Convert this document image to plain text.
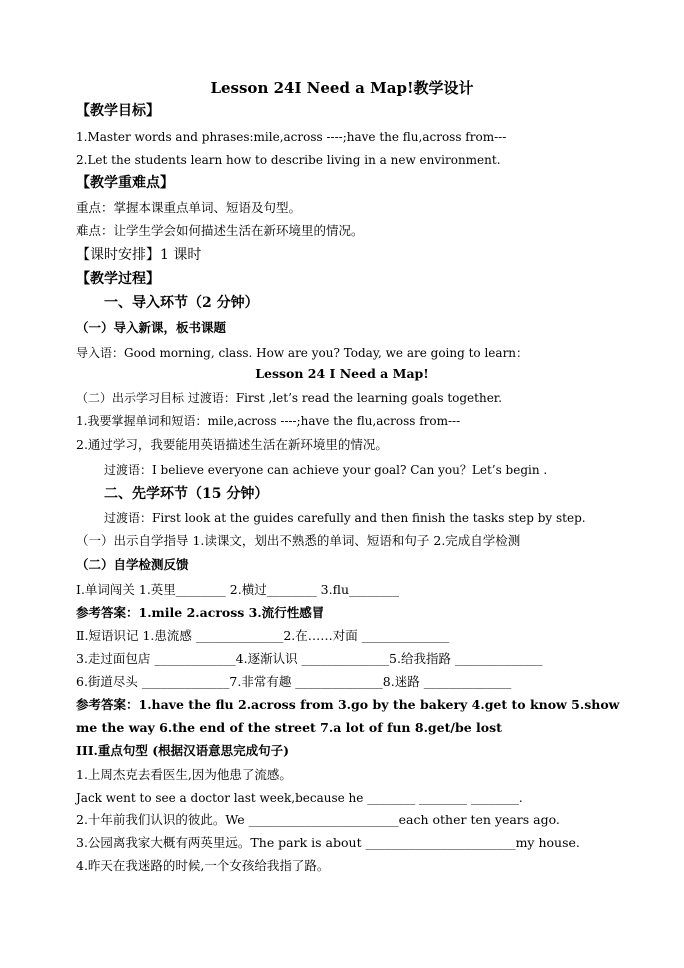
Lesson 24I Need a Map!教学设计
【教学目标】
1.Master words and phrases:mile,across ----;have the flu,across from---
2.Let the students learn how to describe living in a new environment.
【教学重难点】
重点：掌握本课重点单词、短语及句型。
难点：让学生学会如何描述生活在新环境里的情况。
【课时安排】1 课时
【教学过程】
一、导入环节（2 分钟）
（一）导入新课，板书课题
导入语：Good morning, class. How are you? Today, we are going to learn：
Lesson 24 I Need a Map!
（二）出示学习目标 过渡语：First ,let’s read the learning goals together.
1.我要掌握单词和短语：mile,across ----;have the flu,across from---
2.通过学习，我要能用英语描述生活在新环境里的情况。
过渡语：I believe everyone can achieve your goal? Can you？Let’s begin .
二、先学环节（15 分钟）
过渡语：First look at the guides carefully and then finish the tasks step by step.
（一）出示自学指导 1.读课文，划出不熟悉的单词、短语和句子 2.完成自学检测
（二）自学检测反馈
Ⅰ.单词闯关 1.英里________ 2.横过________ 3.flu________
参考答案：1.mile 2.across 3.流行性感冒
Ⅱ.短语识记 1.患流感 ______________2.在……对面 ______________
3.走过面包店 _____________4.逐渐认识 ______________5.给我指路 ______________
6.街道尽头 ______________7.非常有趣 ______________8.迷路 ______________
参考答案：1.have the flu 2.across from 3.go by the bakery 4.get to know 5.show
me the way 6.the end of the street 7.a lot of fun 8.get/be lost
III.重点句型 (根据汉语意思完成句子)
1.上周杰克去看医生,因为他患了流感。
Jack went to see a doctor last week,because he ________ ________ ________.
2.十年前我们认识的彼此。We ________________________each other ten years ago.
3.公园离我家大概有两英里远。The park is about ________________________my house.
4.昨天在我迷路的时候,一个女孩给我指了路。
